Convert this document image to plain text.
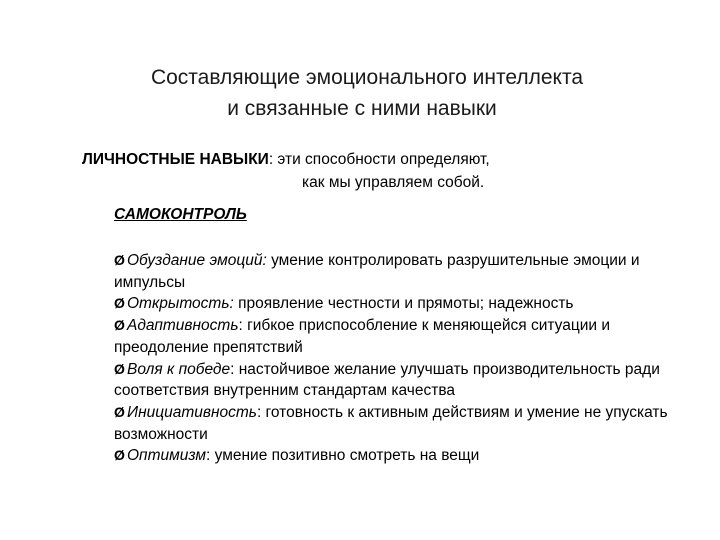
Составляющие эмоционального интеллекта
и связанные с ними навыки
ЛИЧНОСТНЫЕ НАВЫКИ: эти способности определяют,
как мы управляем собой.
САМОКОНТРОЛЬ
Ø Обуздание эмоций: умение контролировать разрушительные эмоции и импульсы
Ø Открытость: проявление честности и прямоты; надежность
Ø Адаптивность: гибкое приспособление к меняющейся ситуации и преодоление препятствий
Ø Воля к победе: настойчивое желание улучшать производительность ради соответствия внутренним стандартам качества
Ø Инициативность: готовность к активным действиям и умение не упускать возможности
Ø Оптимизм: умение позитивно смотреть на вещи
